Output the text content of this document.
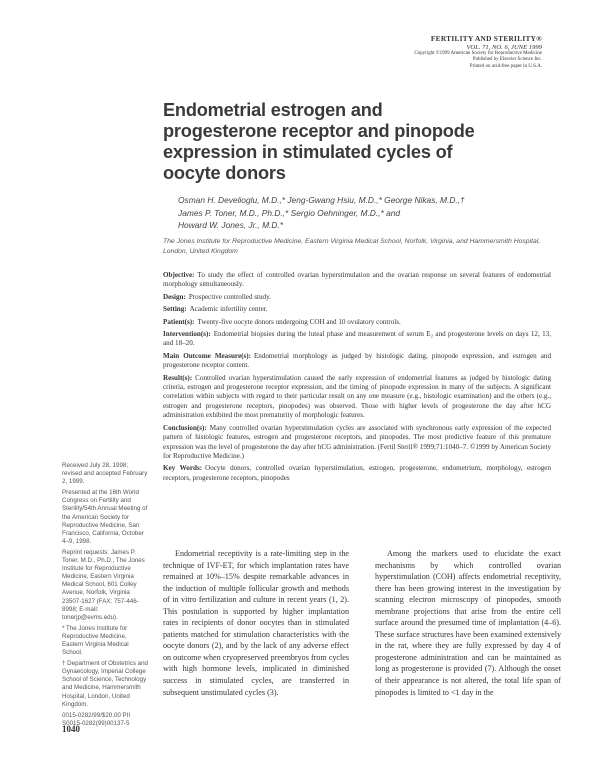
FERTILITY AND STERILITY®
VOL. 71, NO. 6, JUNE 1999
Copyright ©1999 American Society for Reproductive Medicine
Published by Elsevier Science Inc.
Printed on acid-free paper in U.S.A.
Endometrial estrogen and progesterone receptor and pinopode expression in stimulated cycles of oocyte donors
Osman H. Develioglu, M.D.,* Jeng-Gwang Hsiu, M.D.,* George Nikas, M.D.,†
James P. Toner, M.D., Ph.D.,* Sergio Oehninger, M.D.,* and
Howard W. Jones, Jr., M.D.*
The Jones Institute for Reproductive Medicine, Eastern Virginia Medical School, Norfolk, Virginia, and Hammersmith Hospital, London, United Kingdom

Objective: To study the effect of controlled ovarian hyperstimulation and the ovarian response on several features of endometrial morphology simultaneously.

Design: Prospective controlled study.

Setting: Academic infertility center.

Patient(s): Twenty-five oocyte donors undergoing COH and 10 ovulatory controls.

Intervention(s): Endometrial biopsies during the luteal phase and measurement of serum E₂ and progesterone levels on days 12, 13, and 18–20.

Main Outcome Measure(s): Endometrial morphology as judged by histologic dating, pinopode expression, and estrogen and progesterone receptor content.

Result(s): Controlled ovarian hyperstimulation caused the early expression of endometrial features as judged by histologic dating criteria, estrogen and progesterone receptor expression, and the timing of pinopode expression in many of the subjects. A significant correlation within subjects with regard to their particular result on any one measure (e.g., histologic examination) and the others (e.g., estrogen and progesterone receptors, pinopodes) was observed. Those with higher levels of progesterone the day after hCG administration exhibited the most prematurity of morphologic features.

Conclusion(s): Many controlled ovarian hyperstimulation cycles are associated with synchronous early expression of the expected pattern of histologic features, estrogen and progesterone receptors, and pinopodes. The most predictive feature of this premature expression was the level of progesterone the day after hCG administration. (Fertil Steril® 1999;71:1040–7. ©1999 by American Society for Reproductive Medicine.)

Key Words: Oocyte donors, controlled ovarian hyperstimulation, estrogen, progesterone, endometrium, morphology, estrogen receptors, progesterone receptors, pinopodes

Received July 28, 1998; revised and accepted February 2, 1999.

Presented at the 16th World Congress on Fertility and Sterility/54th Annual Meeting of the American Society for Reproductive Medicine, San Francisco, California, October 4–9, 1998.

Reprint requests: James P. Toner, M.D., Ph.D., The Jones Institute for Reproductive Medicine, Eastern Virginia Medical School, 601 Colley Avenue, Norfolk, Virginia 23507-1627 (FAX: 757-446-8998; E-mail: tonerjp@evms.edu).

* The Jones Institute for Reproductive Medicine, Eastern Virginia Medical School.

† Department of Obstetrics and Gynaecology, Imperial College School of Science, Technology and Medicine, Hammersmith Hospital, London, United Kingdom.

0015-0282/99/$20.00 PII S0015-0282(99)00137-5

Endometrial receptivity is a rate-limiting step in the technique of IVF-ET, for which implantation rates have remained at 10%–15% despite remarkable advances in the induction of multiple follicular growth and methods of in vitro fertilization and culture in recent years (1, 2). This postulation is supported by higher implantation rates in recipients of donor oocytes than in stimulated patients matched for stimulation characteristics with the oocyte donors (2), and by the lack of any adverse effect on outcome when cryopreserved preembryos from cycles with high hormone levels, implicated in diminished success in stimulated cycles, are transferred in subsequent unstimulated cycles (3).

Among the markers used to elucidate the exact mechanisms by which controlled ovarian hyperstimulation (COH) affects endometrial receptivity, there has been growing interest in the investigation by scanning electron microscopy of pinopodes, smooth membrane projections that arise from the entire cell surface around the presumed time of implantation (4–6). These surface structures have been examined extensively in the rat, where they are fully expressed by day 4 of progesterone administration and can be maintained as long as progesterone is provided (7). Although the onset of their appearance is not altered, the total life span of pinopodes is limited to <1 day in the

1040
